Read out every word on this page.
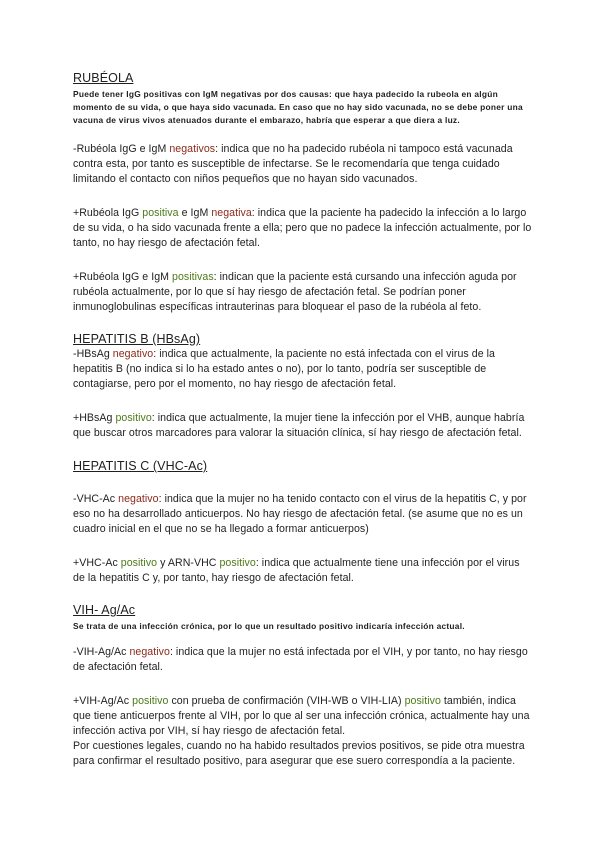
RUBÉOLA

Puede tener IgG positivas con IgM negativas por dos causas: que haya padecido la rubeola en algún momento de su vida, o que haya sido vacunada. En caso que no hay sido vacunada, no se debe poner una vacuna de virus vivos atenuados durante el embarazo, habría que esperar a que diera a luz.

-Rubéola IgG e IgM negativos: indica que no ha padecido rubéola ni tampoco está vacunada contra esta, por tanto es susceptible de infectarse. Se le recomendaría que tenga cuidado limitando el contacto con niños pequeños que no hayan sido vacunados.

+Rubéola IgG positiva e IgM negativa: indica que la paciente ha padecido la infección a lo largo de su vida, o ha sido vacunada frente a ella; pero que no padece la infección actualmente, por lo tanto, no hay riesgo de afectación fetal.

+Rubéola IgG e IgM positivas: indican que la paciente está cursando una infección aguda por rubéola actualmente, por lo que sí hay riesgo de afectación fetal. Se podrían poner inmunoglobulinas específicas intrauterinas para bloquear el paso de la rubéola al feto.

HEPATITIS B (HBsAg)

-HBsAg negativo: indica que actualmente, la paciente no está infectada con el virus de la hepatitis B (no indica si lo ha estado antes o no), por lo tanto, podría ser susceptible de contagiarse, pero por el momento, no hay riesgo de afectación fetal.

+HBsAg positivo: indica que actualmente, la mujer tiene la infección por el VHB, aunque habría que buscar otros marcadores para valorar la situación clínica, sí hay riesgo de afectación fetal.

HEPATITIS C (VHC-Ac)

-VHC-Ac negativo: indica que la mujer no ha tenido contacto con el virus de la hepatitis C, y por eso no ha desarrollado anticuerpos. No hay riesgo de afectación fetal. (se asume que no es un cuadro inicial en el que no se ha llegado a formar anticuerpos)

+VHC-Ac positivo y ARN-VHC positivo: indica que actualmente tiene una infección por el virus de la hepatitis C y, por tanto, hay riesgo de afectación fetal.

VIH- Ag/Ac

Se trata de una infección crónica, por lo que un resultado positivo indicaría infección actual.

-VIH-Ag/Ac negativo: indica que la mujer no está infectada por el VIH, y por tanto, no hay riesgo de afectación fetal.

+VIH-Ag/Ac positivo con prueba de confirmación (VIH-WB o VIH-LIA) positivo también, indica que tiene anticuerpos frente al VIH, por lo que al ser una infección crónica, actualmente hay una infección activa por VIH, sí hay riesgo de afectación fetal.

Por cuestiones legales, cuando no ha habido resultados previos positivos, se pide otra muestra para confirmar el resultado positivo, para asegurar que ese suero correspondía a la paciente.
